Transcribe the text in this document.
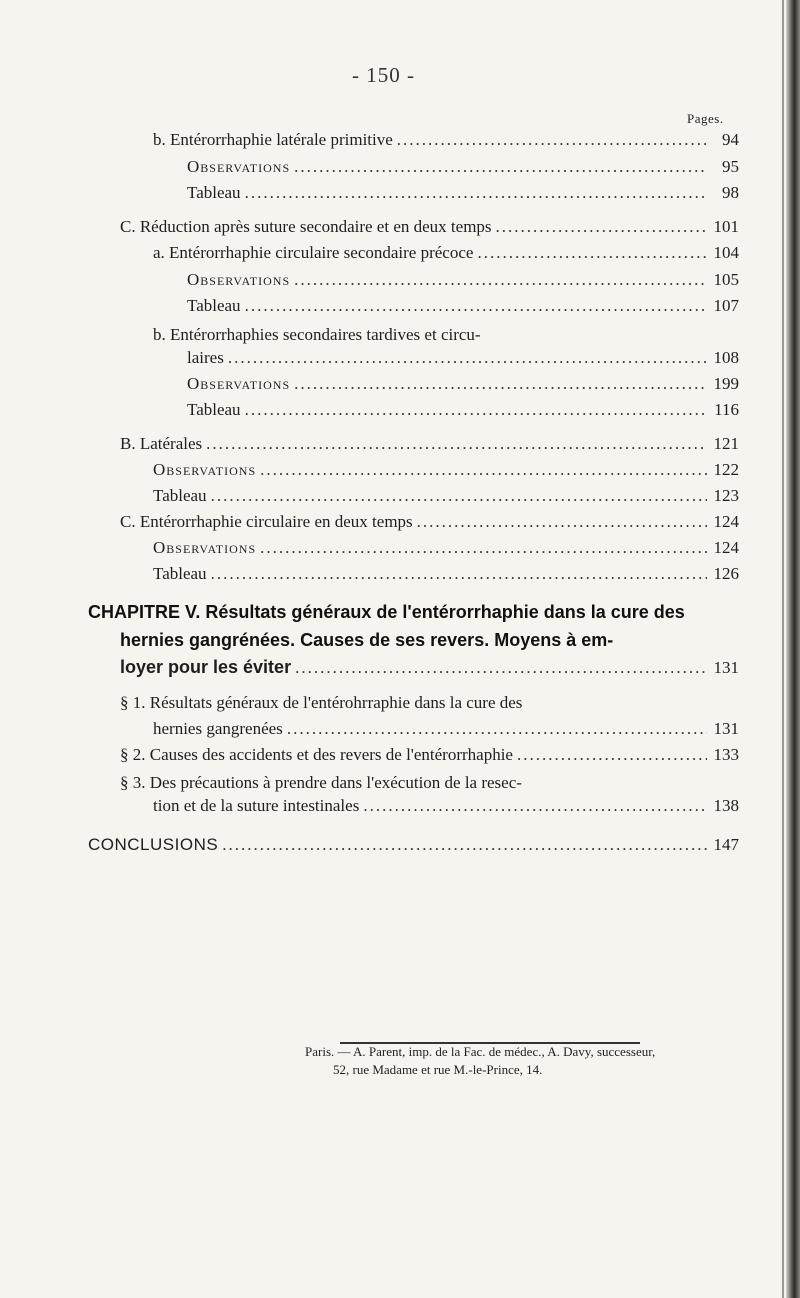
- 150 -
Pages.
b. Entérorrhaphie latérale primitive .....	94
Observations .....	95
Tableau .....	98
C. Réduction après suture secondaire et en deux temps .....	101
a. Entérorrhaphie circulaire secondaire précoce .....	104
Observations .....	105
Tableau .....	107
b. Entérorrhaphies secondaires tardives et circu-
laires .....	108
Observations .....	199
Tableau .....	116
B. Latérales .....	121
Observations .....	122
Tableau .....	123
C. Entérorrhaphie circulaire en deux temps .....	124
Observations .....	124
Tableau .....	126
CHAPITRE V. Résultats généraux de l'entérorrhaphie dans la cure des
hernies gangrénées. Causes de ses revers. Moyens à em-
loyer pour les éviter .....	131
§ 1. Résultats généraux de l'entérohrraphie dans la cure des
hernies gangrenées .....	131
§ 2. Causes des accidents et des revers de l'entérorrhaphie .....	133
§ 3. Des précautions à prendre dans l'exécution de la resec-
tion et de la suture intestinales .....	138
CONCLUSIONS .....	147
Paris. — A. Parent, imp. de la Fac. de médec., A. Davy, successeur,
52, rue Madame et rue M.-le-Prince, 14.
